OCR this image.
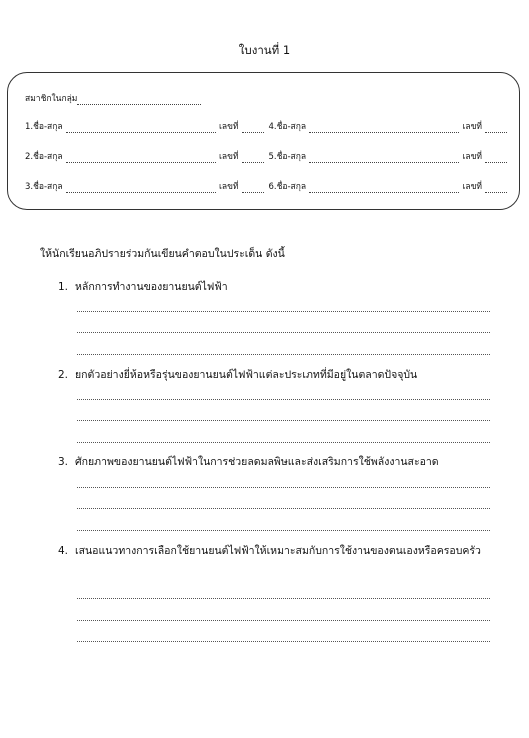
ใบงานที่ 1
สมาชิกในกลุ่ม
1.ชื่อ-สกุล	เลขที่	4.ชื่อ-สกุล	เลขที่
2.ชื่อ-สกุล	เลขที่	5.ชื่อ-สกุล	เลขที่
3.ชื่อ-สกุล	เลขที่	6.ชื่อ-สกุล	เลขที่
ให้นักเรียนอภิปรายร่วมกันเขียนคำตอบในประเด็น ดังนี้
1. หลักการทำงานของยานยนต์ไฟฟ้า
2. ยกตัวอย่างยี่ห้อหรือรุ่นของยานยนต์ไฟฟ้าแต่ละประเภทที่มีอยู่ในตลาดปัจจุบัน
3. ศักยภาพของยานยนต์ไฟฟ้าในการช่วยลดมลพิษและส่งเสริมการใช้พลังงานสะอาด
4. เสนอแนวทางการเลือกใช้ยานยนต์ไฟฟ้าให้เหมาะสมกับการใช้งานของตนเองหรือครอบครัว
